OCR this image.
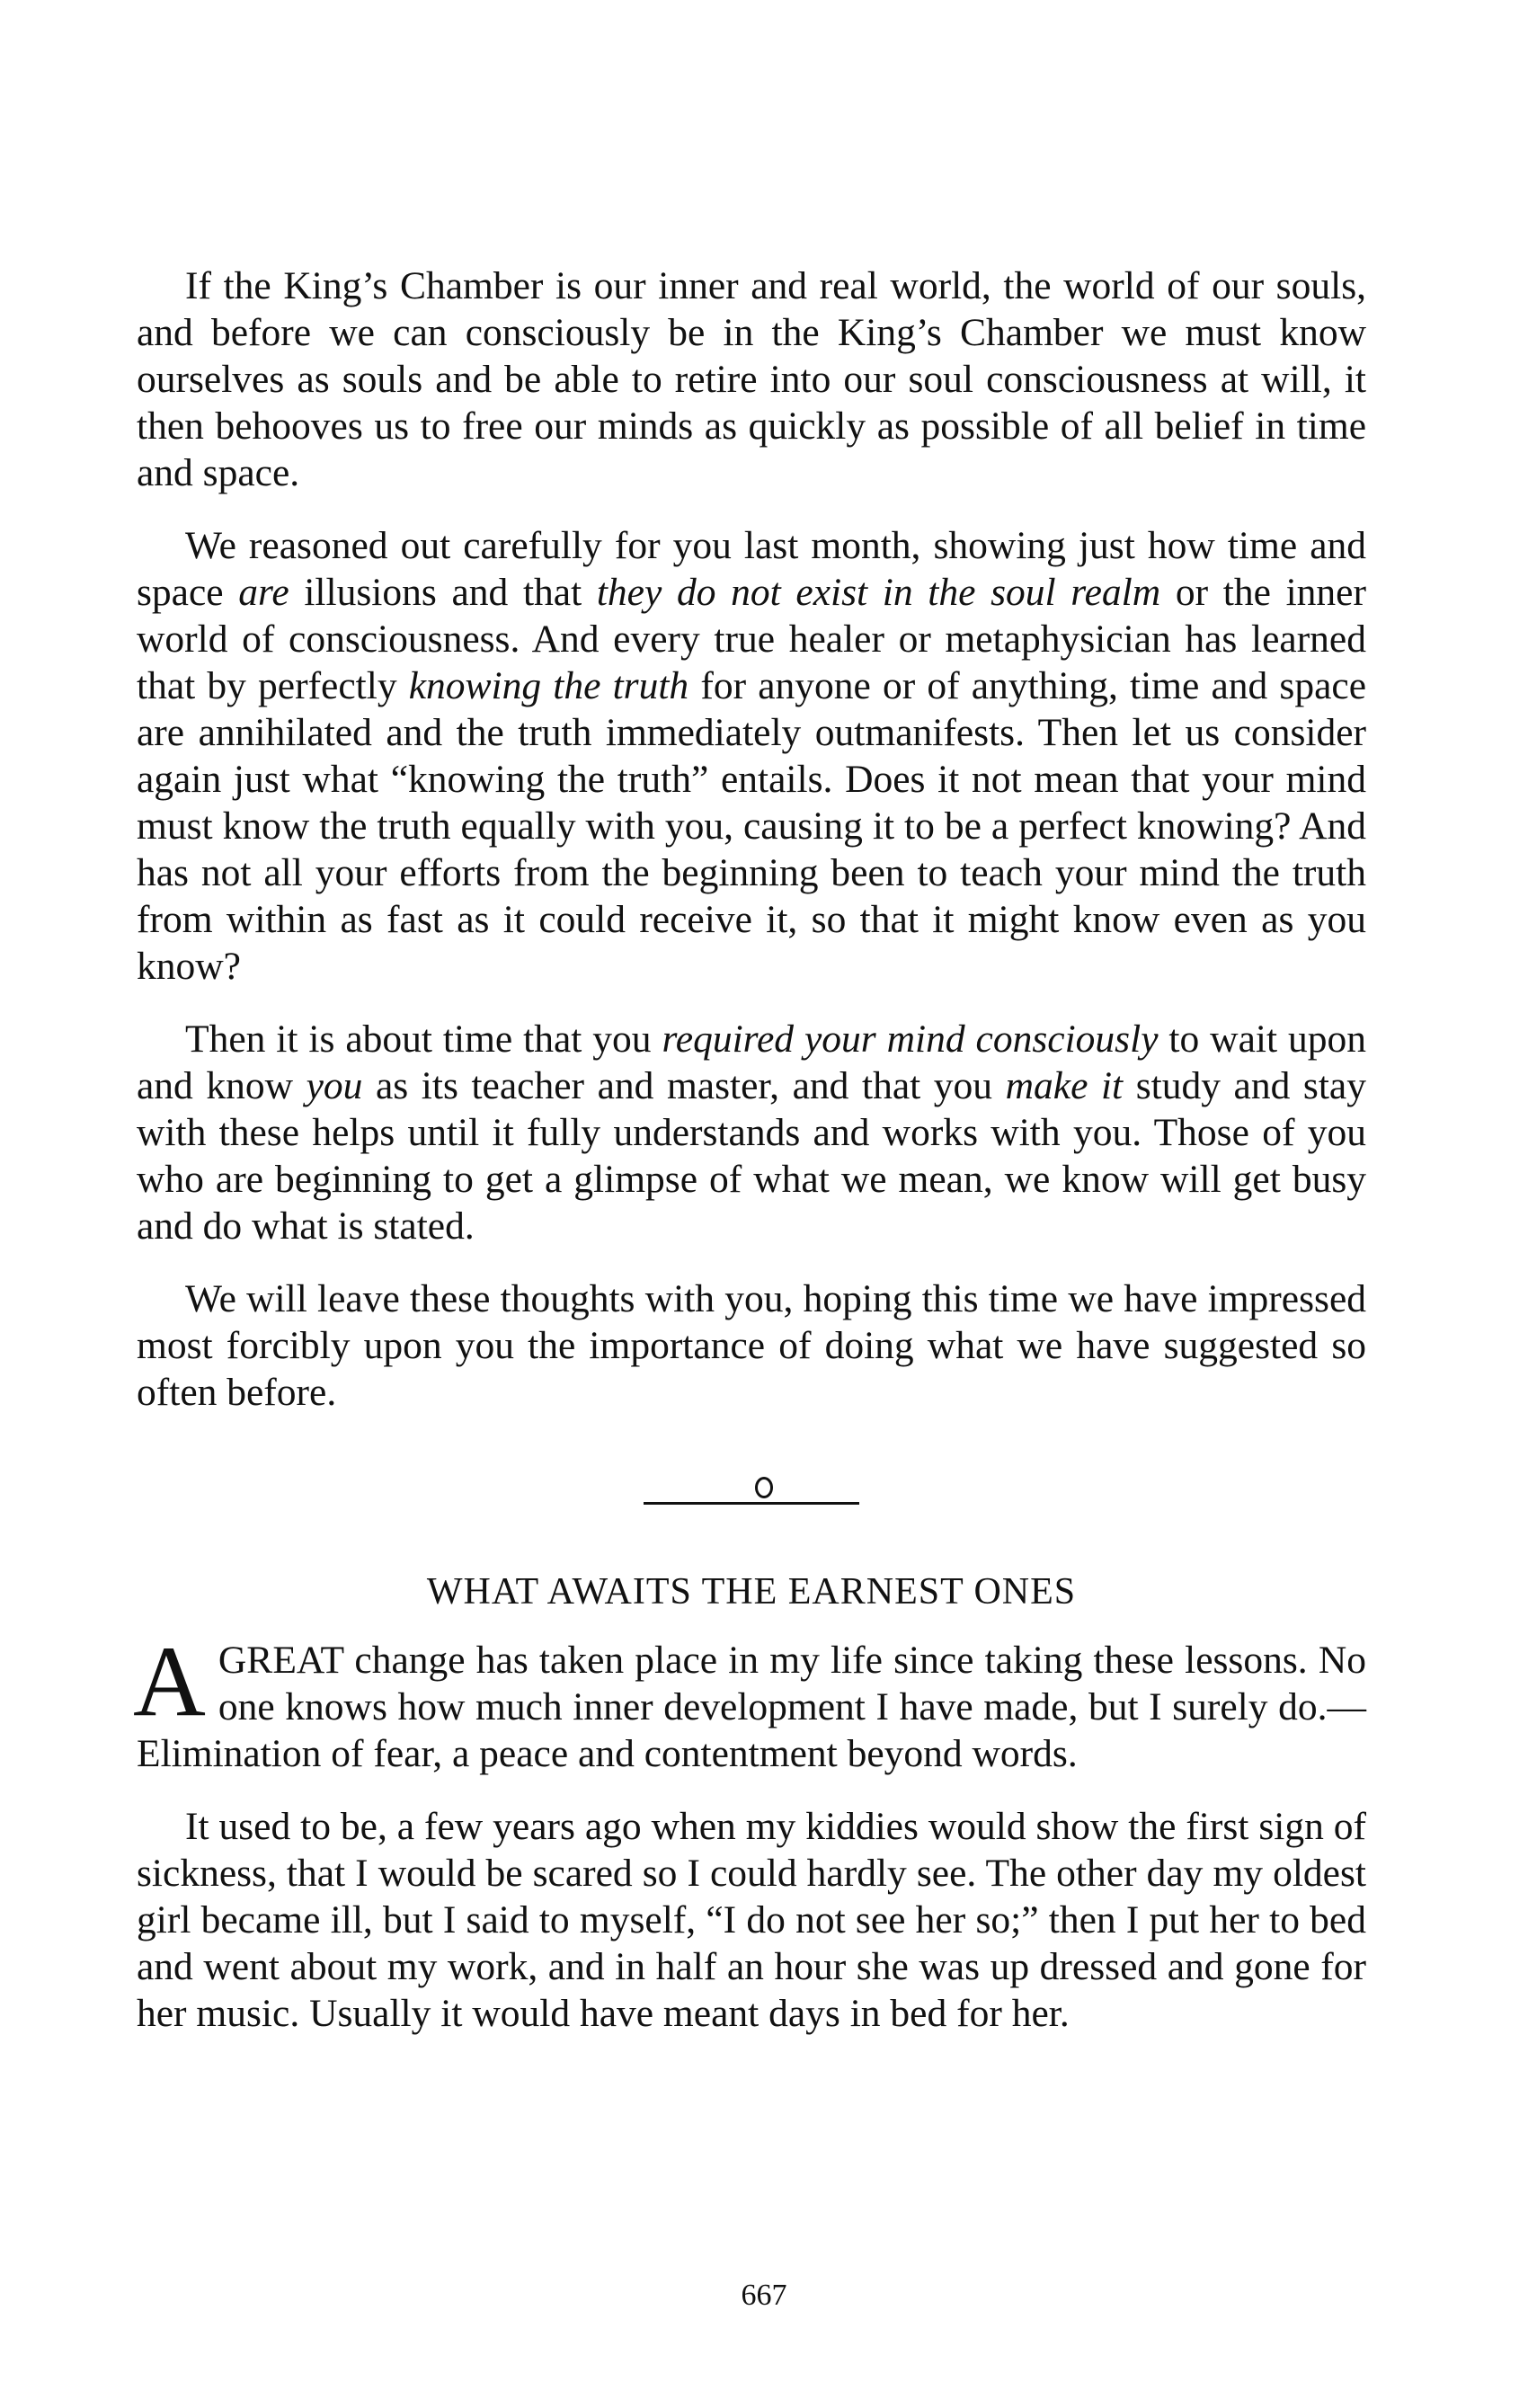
If the King’s Chamber is our inner and real world, the world of our souls, and before we can consciously be in the King’s Chamber we must know ourselves as souls and be able to retire into our soul consciousness at will, it then behooves us to free our minds as quickly as possible of all belief in time and space.

We reasoned out carefully for you last month, showing just how time and space are illusions and that they do not exist in the soul realm or the inner world of consciousness. And every true healer or metaphysician has learned that by perfectly knowing the truth for anyone or of anything, time and space are annihilated and the truth immediately outmanifests. Then let us consider again just what “knowing the truth” entails. Does it not mean that your mind must know the truth equally with you, causing it to be a perfect knowing? And has not all your efforts from the beginning been to teach your mind the truth from within as fast as it could receive it, so that it might know even as you know?

Then it is about time that you required your mind consciously to wait upon and know you as its teacher and master, and that you make it study and stay with these helps until it fully understands and works with you. Those of you who are beginning to get a glimpse of what we mean, we know will get busy and do what is stated.

We will leave these thoughts with you, hoping this time we have impressed most forcibly upon you the importance of doing what we have suggested so often before.

WHAT AWAITS THE EARNEST ONES

A GREAT change has taken place in my life since taking these lessons. No one knows how much inner development I have made, but I surely do.—Elimination of fear, a peace and contentment beyond words.

It used to be, a few years ago when my kiddies would show the first sign of sickness, that I would be scared so I could hardly see. The other day my oldest girl became ill, but I said to myself, “I do not see her so;” then I put her to bed and went about my work, and in half an hour she was up dressed and gone for her music. Usually it would have meant days in bed for her.

667
